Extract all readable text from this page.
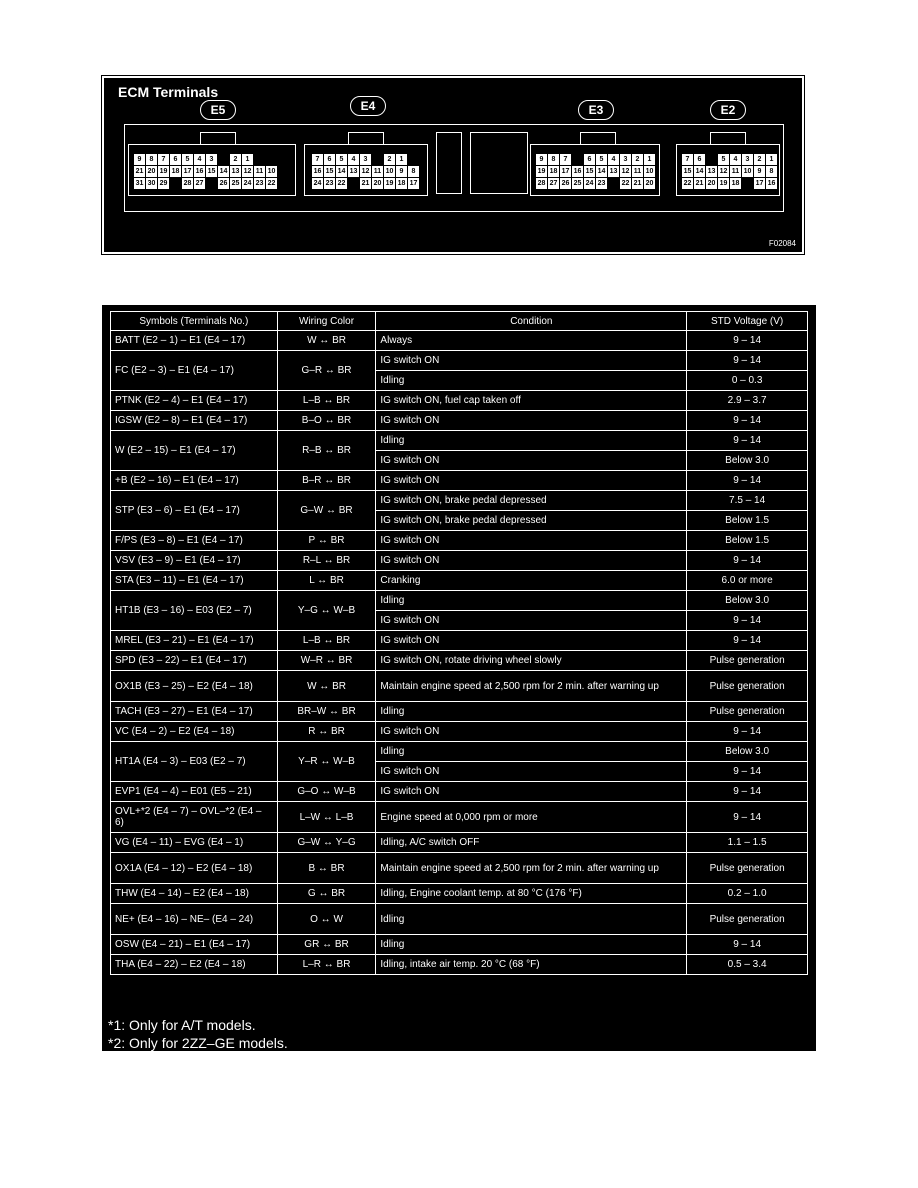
ECM Terminals
E5	E4	E3	E2
F02084
9	8	7	6	5	4	3	2	1
21 20 19 18 17 16 15 14 13 12 11 10
31 30 29 28 27 26 25 24 23 22
7	6	5	4	3	2	1
16 15 14 13 12 11 10 9	8
24 23 22 21 20 19 18 17
9	8	7	6	5	4	3	2	1
19 18 17 16 15 14 13 12 11 10
28 27 26 25 24 23 22 21 20
7	6	5	4	3	2	1
15 14 13 12 11 10 9	8
22 21 20 19 18 17 16
Symbols (Terminals No.)	Wiring Color	Condition	STD Voltage (V)
BATT (E2 – 1) – E1 (E4 – 17)	W ↔ BR	Always	9 – 14
FC (E2 – 3) – E1 (E4 – 17)	G–R ↔ BR	IG switch ON	9 – 14
		Idling	0 – 0.3
PTNK (E2 – 4) – E1 (E4 – 17)	L–B ↔ BR	IG switch ON, fuel cap taken off	2.9 – 3.7
IGSW (E2 – 8) – E1 (E4 – 17)	B–O ↔ BR	IG switch ON	9 – 14
W (E2 – 15) – E1 (E4 – 17)	R–B ↔ BR	Idling	9 – 14
		IG switch ON	Below 3.0
+B (E2 – 16) – E1 (E4 – 17)	B–R ↔ BR	IG switch ON	9 – 14
STP (E3 – 6) – E1 (E4 – 17)	G–W ↔ BR	IG switch ON, brake pedal depressed	7.5 – 14
		IG switch ON, brake pedal depressed	Below 1.5
F/PS (E3 – 8) – E1 (E4 – 17)	P ↔ BR	IG switch ON	Below 1.5
VSV (E3 – 9) – E1 (E4 – 17)	R–L ↔ BR	IG switch ON	9 – 14
STA (E3 – 11) – E1 (E4 – 17)	L ↔ BR	Cranking	6.0 or more
HT1B (E3 – 16) – E03 (E2 – 7)	Y–G ↔ W–B	Idling	Below 3.0
		IG switch ON	9 – 14
MREL (E3 – 21) – E1 (E4 – 17)	L–B ↔ BR	IG switch ON	9 – 14
SPD (E3 – 22) – E1 (E4 – 17)	W–R ↔ BR	IG switch ON, rotate driving wheel slowly	Pulse generation
OX1B (E3 – 25) – E2 (E4 – 18)	W ↔ BR	Maintain engine speed at 2,500 rpm for 2 min. after warning up	Pulse generation
TACH (E3 – 27) – E1 (E4 – 17)	BR–W ↔ BR	Idling	Pulse generation
VC (E4 – 2) – E2 (E4 – 18)	R ↔ BR	IG switch ON	9 – 14
HT1A (E4 – 3) – E03 (E2 – 7)	Y–R ↔ W–B	Idling	Below 3.0
		IG switch ON	9 – 14
EVP1 (E4 – 4) – E01 (E5 – 21)	G–O ↔ W–B	IG switch ON	9 – 14
OVL+*2 (E4 – 7) – OVL–*2 (E4 – 6)	L–W ↔ L–B	Engine speed at 0,000 rpm or more	9 – 14
VG (E4 – 11) – EVG (E4 – 1)	G–W ↔ Y–G	Idling, A/C switch OFF	1.1 – 1.5
OX1A (E4 – 12) – E2 (E4 – 18)	B ↔ BR	Maintain engine speed at 2,500 rpm for 2 min. after warning up	Pulse generation
THW (E4 – 14) – E2 (E4 – 18)	G ↔ BR	Idling, Engine coolant temp. at 80 °C (176 °F)	0.2 – 1.0
NE+ (E4 – 16) – NE– (E4 – 24)	O ↔ W	Idling	Pulse generation
OSW (E4 – 21) – E1 (E4 – 17)	GR ↔ BR	Idling	9 – 14
THA (E4 – 22) – E2 (E4 – 18)	L–R ↔ BR	Idling, intake air temp. 20 °C (68 °F)	0.5 – 3.4
*1: Only for A/T models.
*2: Only for 2ZZ–GE models.
